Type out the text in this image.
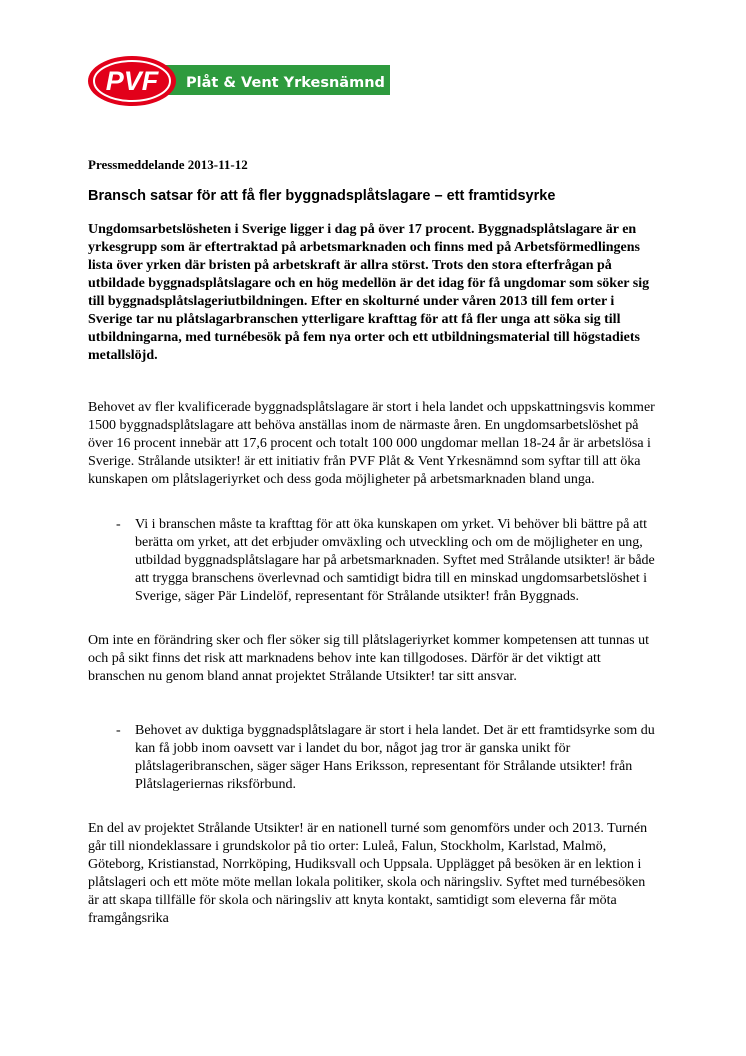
PVF Plåt & Vent Yrkesnämnd
Pressmeddelande 2013-11-12
Bransch satsar för att få fler byggnadsplåtslagare – ett framtidsyrke
Ungdomsarbetslösheten i Sverige ligger i dag på över 17 procent. Byggnadsplåtslagare är en yrkesgrupp som är eftertraktad på arbetsmarknaden och finns med på Arbetsförmedlingens lista över yrken där bristen på arbetskraft är allra störst. Trots den stora efterfrågan på utbildade byggnadsplåtslagare och en hög medellön är det idag för få ungdomar som söker sig till byggnadsplåtslageriutbildningen. Efter en skolturné under våren 2013 till fem orter i Sverige tar nu plåtslagarbranschen ytterligare krafttag för att få fler unga att söka sig till utbildningarna, med turnébesök på fem nya orter och ett utbildningsmaterial till högstadiets metallslöjd.
Behovet av fler kvalificerade byggnadsplåtslagare är stort i hela landet och uppskattningsvis kommer 1500 byggnadsplåtslagare att behöva anställas inom de närmaste åren. En ungdomsarbetslöshet på över 16 procent innebär att 17,6 procent och totalt 100 000 ungdomar mellan 18-24 år är arbetslösa i Sverige. Strålande utsikter! är ett initiativ från PVF Plåt & Vent Yrkesnämnd som syftar till att öka kunskapen om plåtslageriyrket och dess goda möjligheter på arbetsmarknaden bland unga.
- Vi i branschen måste ta krafttag för att öka kunskapen om yrket. Vi behöver bli bättre på att berätta om yrket, att det erbjuder omväxling och utveckling och om de möjligheter en ung, utbildad byggnadsplåtslagare har på arbetsmarknaden. Syftet med Strålande utsikter! är både att trygga branschens överlevnad och samtidigt bidra till en minskad ungdomsarbetslöshet i Sverige, säger Pär Lindelöf, representant för Strålande utsikter! från Byggnads.
Om inte en förändring sker och fler söker sig till plåtslageriyrket kommer kompetensen att tunnas ut och på sikt finns det risk att marknadens behov inte kan tillgodoses. Därför är det viktigt att branschen nu genom bland annat projektet Strålande Utsikter! tar sitt ansvar.
- Behovet av duktiga byggnadsplåtslagare är stort i hela landet. Det är ett framtidsyrke som du kan få jobb inom oavsett var i landet du bor, något jag tror är ganska unikt för plåtslageribranschen, säger säger Hans Eriksson, representant för Strålande utsikter! från Plåtslageriernas riksförbund.
En del av projektet Strålande Utsikter! är en nationell turné som genomförs under och 2013. Turnén går till niondeklassare i grundskolor på tio orter: Luleå, Falun, Stockholm, Karlstad, Malmö, Göteborg, Kristianstad, Norrköping, Hudiksvall och Uppsala. Upplägget på besöken är en lektion i plåtslageri och ett möte möte mellan lokala politiker, skola och näringsliv. Syftet med turnébesöken är att skapa tillfälle för skola och näringsliv att knyta kontakt, samtidigt som eleverna får möta framgångsrika
